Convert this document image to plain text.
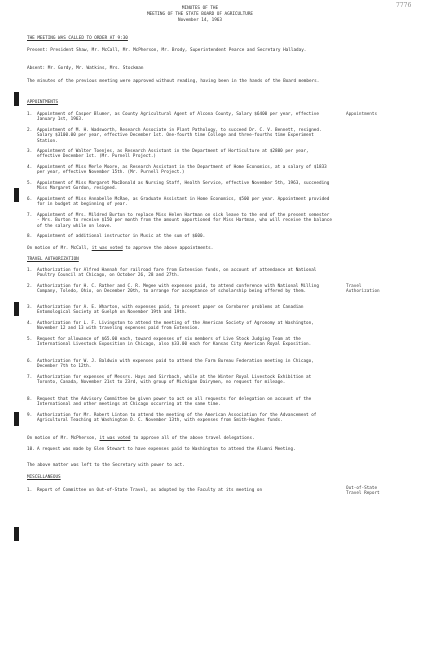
7776
MINUTES OF THE
MEETING OF THE STATE BOARD OF AGRICULTURE
November 14, 1963
THE MEETING WAS CALLED TO ORDER AT 9:30
Present: President Shaw, Mr. McCall, Mr. McPherson, Mr. Brody, Superintendent Pearce and Secretary Halladay.
Absent: Mr. Gordy, Mr. Watkins, Mrs. Stockman
The minutes of the previous meeting were approved without reading, having been in the hands of the Board members.
APPOINTMENTS
Appointments
1.	Appointment of Casper Blumer, as County Agricultural Agent of Alcona County, Salary $6400 per year, effective January 1st, 1963.
2.	Appointment of M. H. Wadsworth, Research Associate in Plant Pathology, to succeed Dr. C. V. Bennett, resigned. Salary $3100.00 per year, effective December 1st. One-fourth time College and three-fourths time Experiment Station.
3.	Appointment of Walter Toenjes, as Research Assistant in the Department of Horticulture at $2800 per year, effective December 1st. (Mr. Purnell Project.)
4.	Appointment of Miss Merle Moore, as Research Assistant in the Department of Home Economics, at a salary of $1833 per year, effective November 15th. (Mr. Purnell Project.)
5.	Appointment of Miss Margaret MacDonald as Nursing Staff, Health Service, effective November 5th, 1963, succeeding Miss Margaret Gordon, resigned.
6.	Appointment of Miss Annabelle McRae, as Graduate Assistant in Home Economics, $500 per year. Appointment provided for in budget at beginning of year.
7.	Appointment of Mrs. Mildred Burton to replace Miss Helen Hartman on sick leave to the end of the present semester - Mrs. Burton to receive $150 per month from the amount apportioned for Miss Hartman, who will receive the balance of the salary while on leave.
8.	Appointment of additional instructor in Music at the sum of $600.
On motion of Mr. McCall, it was voted to approve the above appointments.
TRAVEL AUTHORIZATION
Travel
Authorization
1.	Authorization for Alfred Hannah for railroad fare from Extension funds, on account of attendance at National Poultry Council at Chicago, on October 26, 28 and 27th.
2.	Authorization for H. C. Rather and C. R. Megee with expenses paid, to attend conference with National Milling Company, Toledo, Ohio, on December 20th, to arrange for acceptance of scholarship being offered by them.
3.	Authorization for A. E. Wharton, with expenses paid, to present paper on Cornborer problems at Canadian Entomological Society at Guelph on November 19th and 19th.
4.	Authorization for L. F. Livingston to attend the meeting of the American Society of Agronomy at Washington, November 12 and 13 with traveling expenses paid from Extension.
5.	Request for allowance of $65.00 each, toward expenses of six members of Live Stock Judging Team at the International Livestock Exposition in Chicago, also $33.00 each for Kansas City American Royal Exposition.
6.	Authorization for W. J. Baldwin with expenses paid to attend the Farm Bureau Federation meeting in Chicago, December 7th to 12th.
7.	Authorization for expenses of Messrs. Hays and Sirrbach, while at the Winter Royal Livestock Exhibition at Toronto, Canada, November 21st to 23rd, with group of Michigan Dairymen, no request for mileage.
8.	Request that the Advisory Committee be given power to act on all requests for delegation on account of the International and other meetings at Chicago occurring at the same time.
9.	Authorization for Mr. Robert Linton to attend the meeting of the American Association for the Advancement of Agricultural Teaching at Washington D. C. November 13th, with expenses from Smith-Hughes funds.
On motion of Mr. McPherson, it was voted to approve all of the above travel delegations.
10. A request was made by Glen Stewart to have expenses paid to Washington to attend the Alumni Meeting.
The above matter was left to the Secretary with power to act.
MISCELLANEOUS
Out-of-State
Travel Report
1.	Report of Committee on Out-of-State Travel, as adopted by the Faculty at its meeting on
